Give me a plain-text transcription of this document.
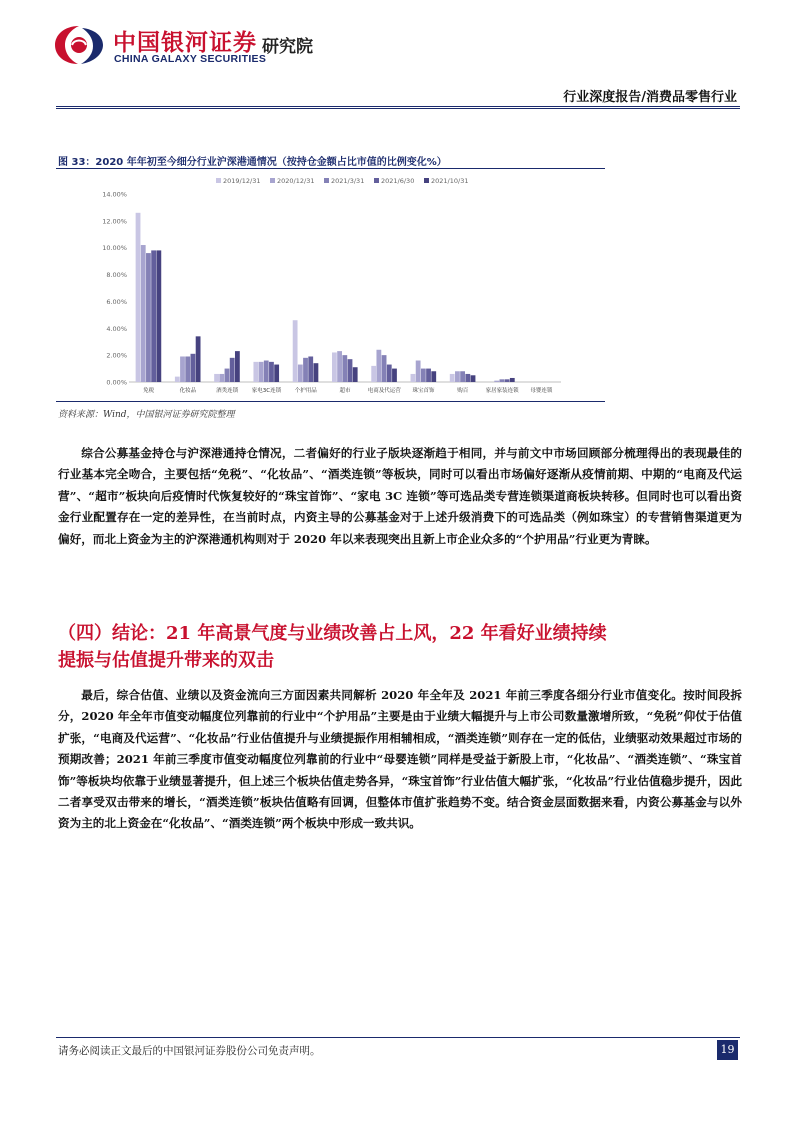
中国银河证券
CHINA GALAXY SECURITIES
研究院
行业深度报告/消费品零售行业
图 33：2020 年年初至今细分行业沪深港通情况（按持仓金额占比市值的比例变化%）
2019/12/31	2020/12/31	2021/3/31	2021/6/30	2021/10/31
0.00%
2.00%
4.00%
6.00%
8.00%
10.00%
12.00%
14.00%
免税	化妆品	酒类连锁 家电3C连锁 个护用品	超市	电商及代运营 珠宝首饰	购百	家居家装连锁 母婴连锁
资料来源：Wind，中国银河证券研究院整理

综合公募基金持仓与沪深港通持仓情况，二者偏好的行业子版块逐渐趋于相同，并与前文中市场回顾部分梳理得出的表现最佳的行业基本完全吻合，主要包括“免税”、“化妆品”、“酒类连锁”等板块，同时可以看出市场偏好逐渐从疫情前期、中期的“电商及代运营”、“超市”板块向后疫情时代恢复较好的“珠宝首饰”、“家电 3C 连锁”等可选品类专营连锁渠道商板块转移。但同时也可以看出资金行业配置存在一定的差异性，在当前时点，内资主导的公募基金对于上述升级消费下的可选品类（例如珠宝）的专营销售渠道更为偏好，而北上资金为主的沪深港通机构则对于 2020 年以来表现突出且新上市企业众多的“个护用品”行业更为青睐。

（四）结论：21 年高景气度与业绩改善占上风，22 年看好业绩持续提振与估值提升带来的双击

最后，综合估值、业绩以及资金流向三方面因素共同解析 2020 年全年及 2021 年前三季度各细分行业市值变化。按时间段拆分，2020 年全年市值变动幅度位列靠前的行业中“个护用品”主要是由于业绩大幅提升与上市公司数量激增所致，“免税”仰仗于估值扩张，“电商及代运营”、“化妆品”行业估值提升与业绩提振作用相辅相成，“酒类连锁”则存在一定的低估，业绩驱动效果超过市场的预期改善；2021 年前三季度市值变动幅度位列靠前的行业中“母婴连锁”同样是受益于新股上市，“化妆品”、“酒类连锁”、“珠宝首饰”等板块均依靠于业绩显著提升，但上述三个板块估值走势各异，“珠宝首饰”行业估值大幅扩张，“化妆品”行业估值稳步提升，因此二者享受双击带来的增长，“酒类连锁”板块估值略有回调，但整体市值扩张趋势不变。结合资金层面数据来看，内资公募基金与以外资为主的北上资金在“化妆品”、“酒类连锁”两个板块中形成一致共识。

请务必阅读正文最后的中国银河证券股份公司免责声明。	19
